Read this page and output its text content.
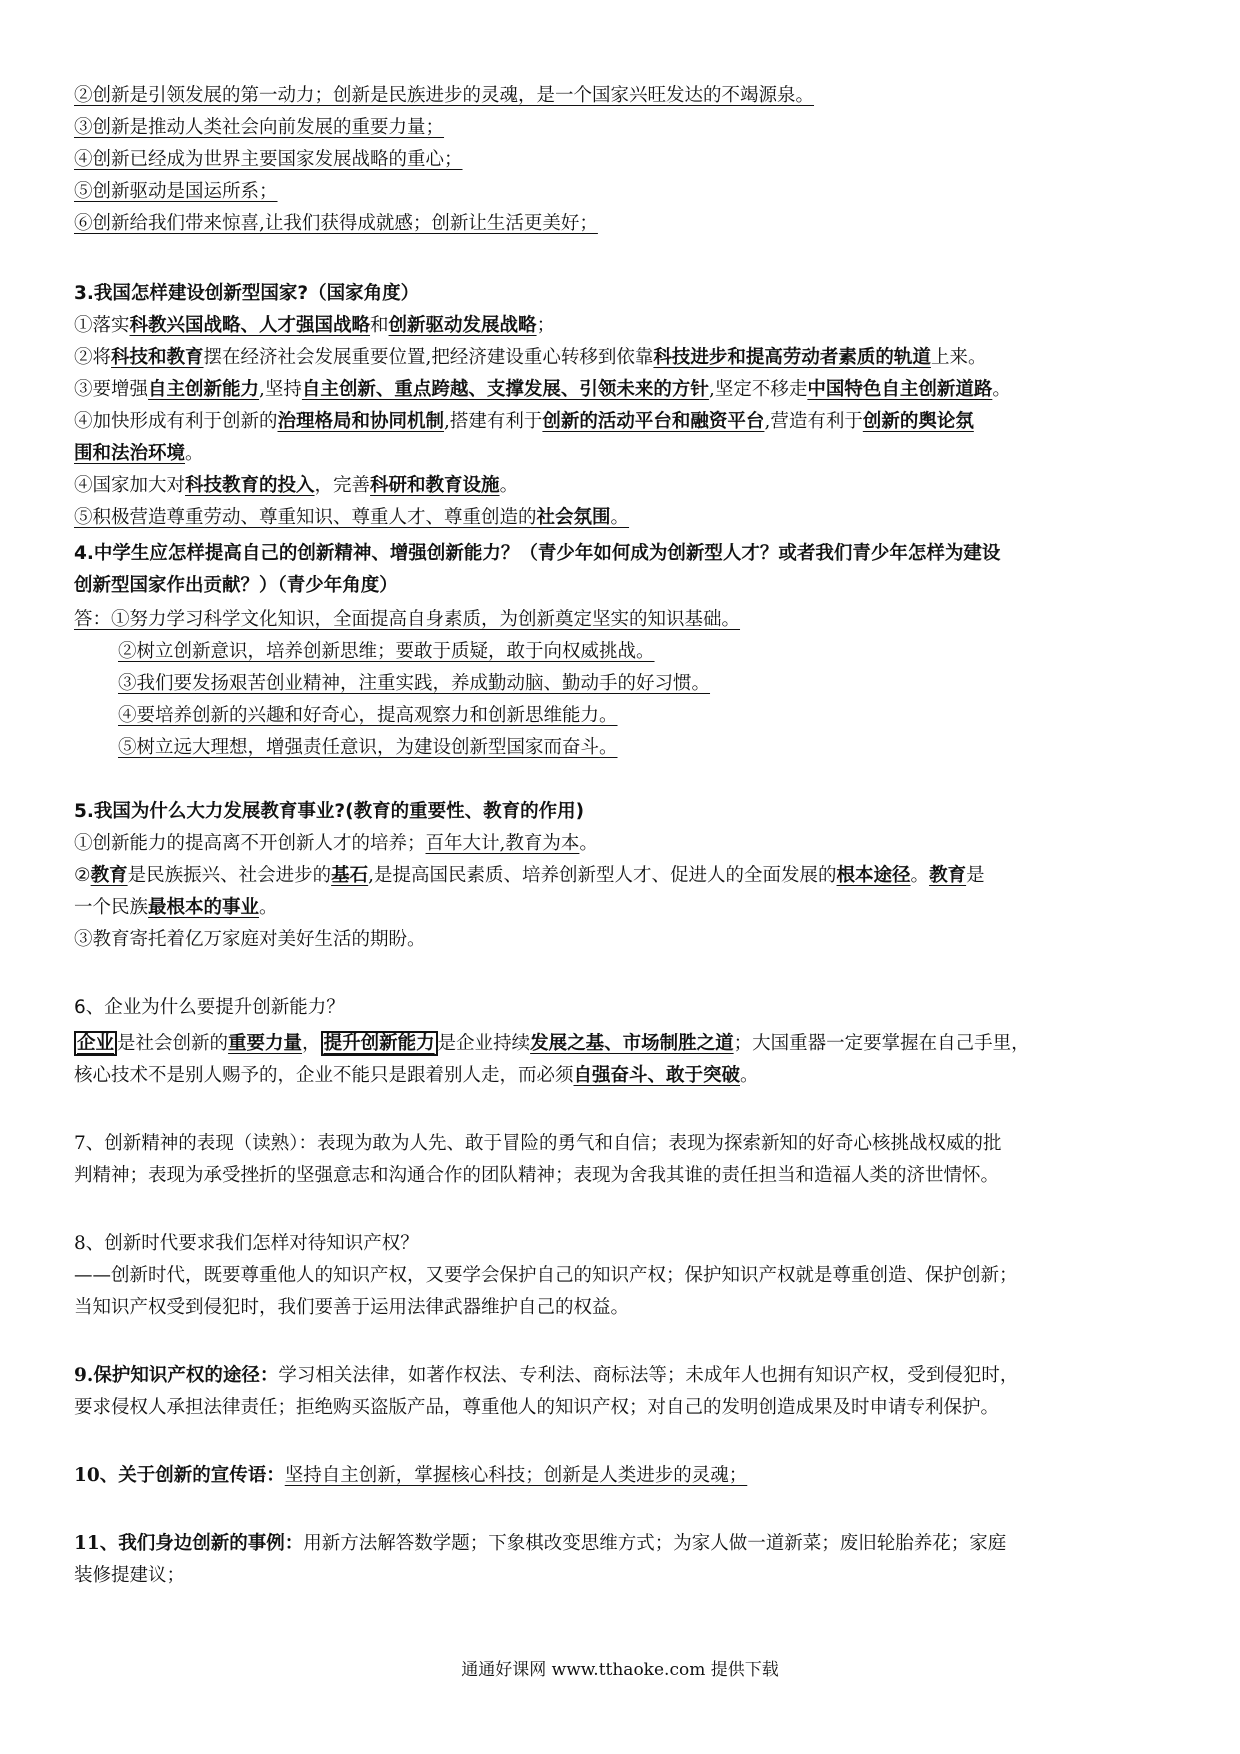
②创新是引领发展的第一动力；创新是民族进步的灵魂，是一个国家兴旺发达的不竭源泉。
③创新是推动人类社会向前发展的重要力量；
④创新已经成为世界主要国家发展战略的重心；
⑤创新驱动是国运所系；
⑥创新给我们带来惊喜,让我们获得成就感；创新让生活更美好；
3.我国怎样建设创新型国家?（国家角度）
①落实科教兴国战略、人才强国战略和创新驱动发展战略；
②将科技和教育摆在经济社会发展重要位置,把经济建设重心转移到依靠科技进步和提高劳动者素质的轨道上来。
③要增强自主创新能力,坚持自主创新、重点跨越、支撑发展、引领未来的方针,坚定不移走中国特色自主创新道路。
④加快形成有利于创新的治理格局和协同机制,搭建有利于创新的活动平台和融资平台,营造有利于创新的舆论氛
围和法治环境。
④国家加大对科技教育的投入，完善科研和教育设施。
⑤积极营造尊重劳动、尊重知识、尊重人才、尊重创造的社会氛围。
4.中学生应怎样提高自己的创新精神、增强创新能力？（青少年如何成为创新型人才？或者我们青少年怎样为建设
创新型国家作出贡献？）（青少年角度）
答：①努力学习科学文化知识，全面提高自身素质，为创新奠定坚实的知识基础。
②树立创新意识，培养创新思维；要敢于质疑，敢于向权威挑战。
③我们要发扬艰苦创业精神，注重实践，养成勤动脑、勤动手的好习惯。
④要培养创新的兴趣和好奇心，提高观察力和创新思维能力。
⑤树立远大理想，增强责任意识，为建设创新型国家而奋斗。
5.我国为什么大力发展教育事业?(教育的重要性、教育的作用)
①创新能力的提高离不开创新人才的培养；百年大计,教育为本。
②教育是民族振兴、社会进步的基石,是提高国民素质、培养创新型人才、促进人的全面发展的根本途径。教育是
一个民族最根本的事业。
③教育寄托着亿万家庭对美好生活的期盼。
6、企业为什么要提升创新能力？
企业 是社会创新的重要力量， 提升创新能力 是企业持续发展之基、市场制胜之道；大国重器一定要掌握在自己手里，
核心技术不是别人赐予的，企业不能只是跟着别人走，而必须自强奋斗、敢于突破。
7、创新精神的表现（读熟）：表现为敢为人先、敢于冒险的勇气和自信；表现为探索新知的好奇心核挑战权威的批
判精神；表现为承受挫折的坚强意志和沟通合作的团队精神；表现为舍我其谁的责任担当和造福人类的济世情怀。
8、创新时代要求我们怎样对待知识产权？
——创新时代，既要尊重他人的知识产权，又要学会保护自己的知识产权；保护知识产权就是尊重创造、保护创新；
当知识产权受到侵犯时，我们要善于运用法律武器维护自己的权益。
9.保护知识产权的途径：学习相关法律，如著作权法、专利法、商标法等；未成年人也拥有知识产权，受到侵犯时，
要求侵权人承担法律责任；拒绝购买盗版产品，尊重他人的知识产权；对自己的发明创造成果及时申请专利保护。
10、关于创新的宣传语：坚持自主创新，掌握核心科技；创新是人类进步的灵魂；
11、我们身边创新的事例：用新方法解答数学题；下象棋改变思维方式；为家人做一道新菜；废旧轮胎养花；家庭
装修提建议；
通通好课网 www.tthaoke.com 提供下载
